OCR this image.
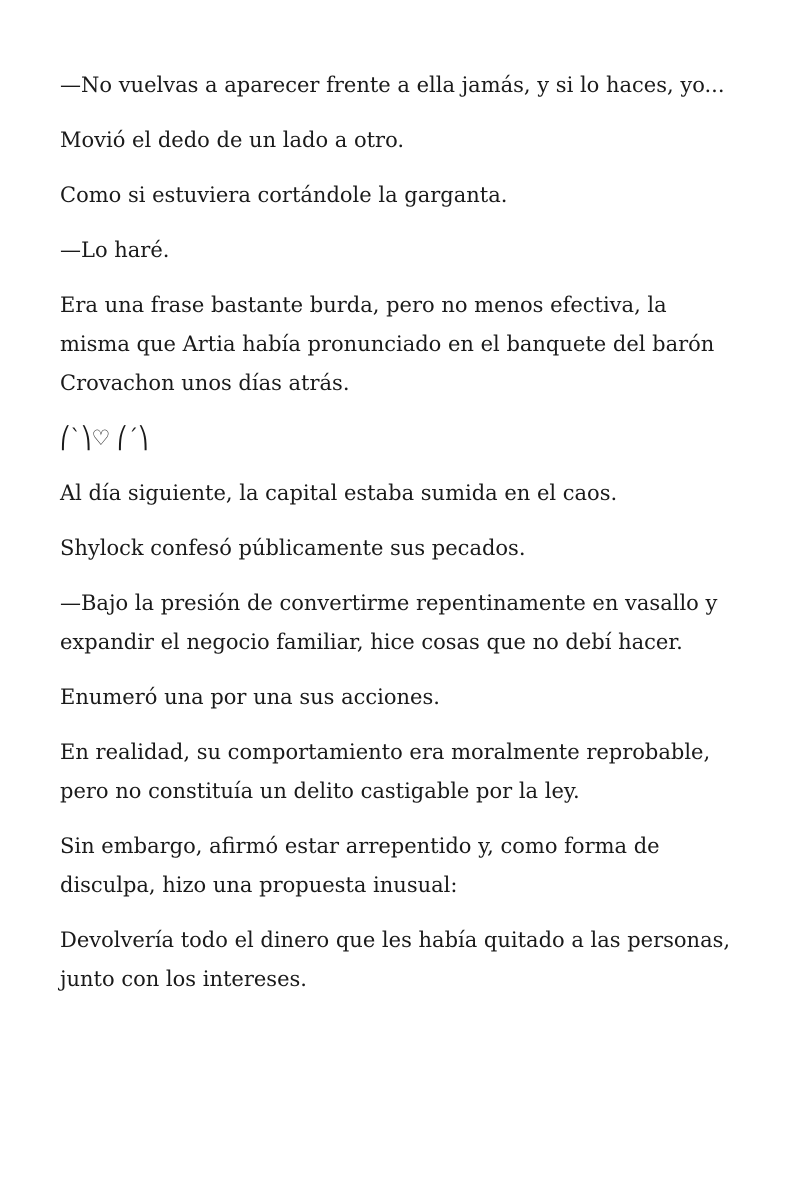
—No vuelvas a aparecer frente a ella jamás, y si lo haces, yo...

Movió el dedo de un lado a otro.

Como si estuviera cortándole la garganta.

—Lo haré.

Era una frase bastante burda, pero no menos efectiva, la misma que Artia había pronunciado en el banquete del barón Crovachon unos días atrás.

⎛`⎞♡ ⎛´⎞

Al día siguiente, la capital estaba sumida en el caos.

Shylock confesó públicamente sus pecados.

—Bajo la presión de convertirme repentinamente en vasallo y expandir el negocio familiar, hice cosas que no debí hacer.

Enumeró una por una sus acciones.

En realidad, su comportamiento era moralmente reprobable, pero no constituía un delito castigable por la ley.

Sin embargo, afirmó estar arrepentido y, como forma de disculpa, hizo una propuesta inusual:

Devolvería todo el dinero que les había quitado a las personas, junto con los intereses.
